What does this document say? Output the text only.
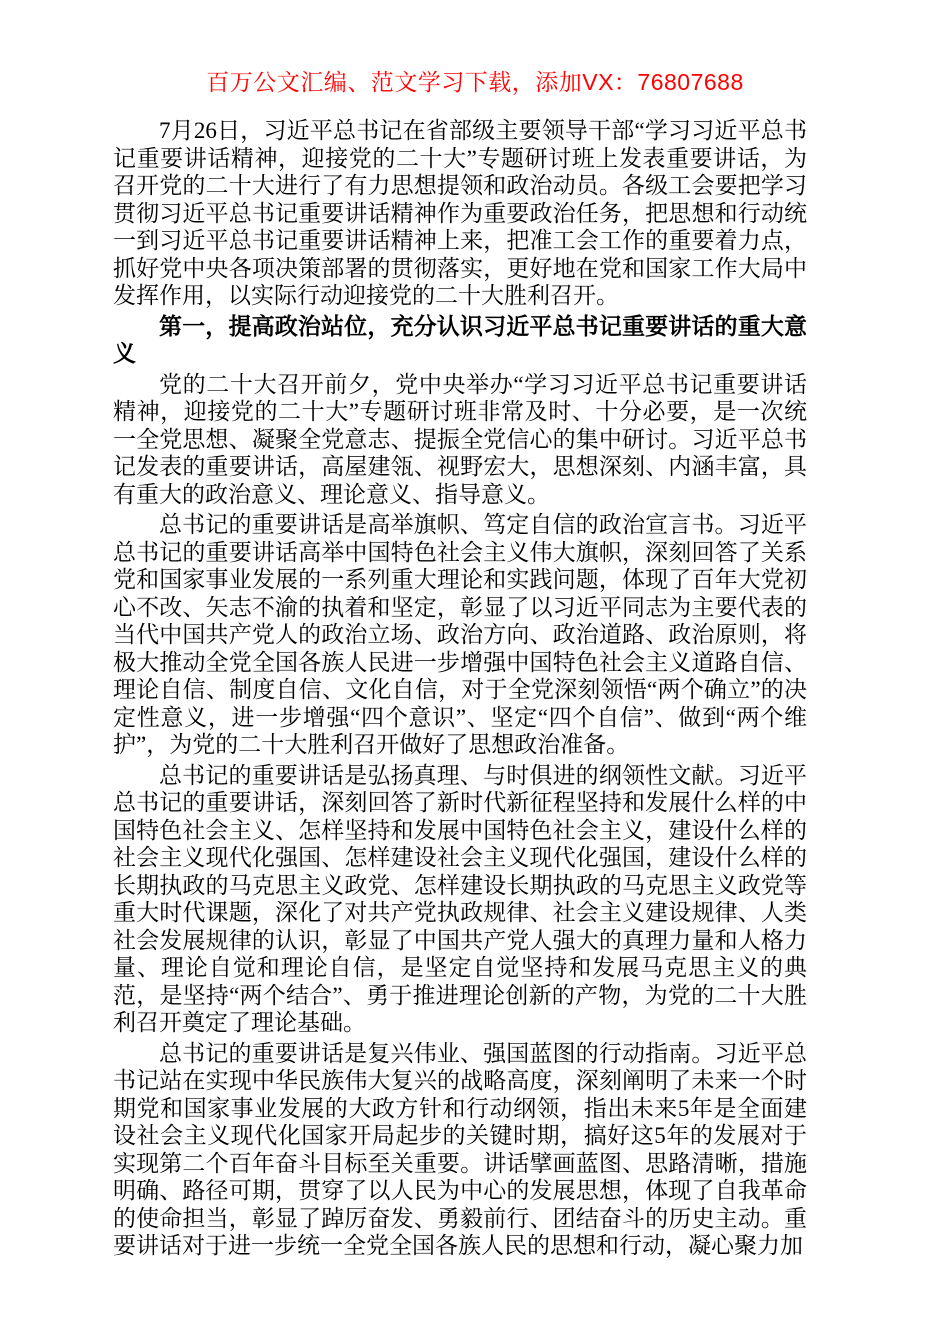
百万公文汇编、范文学习下载，添加VX：76807688

7月26日，习近平总书记在省部级主要领导干部“学习习近平总书记重要讲话精神，迎接党的二十大”专题研讨班上发表重要讲话，为召开党的二十大进行了有力思想提领和政治动员。各级工会要把学习贯彻习近平总书记重要讲话精神作为重要政治任务，把思想和行动统一到习近平总书记重要讲话精神上来，把准工会工作的重要着力点，抓好党中央各项决策部署的贯彻落实，更好地在党和国家工作大局中发挥作用，以实际行动迎接党的二十大胜利召开。

第一，提高政治站位，充分认识习近平总书记重要讲话的重大意义

党的二十大召开前夕，党中央举办“学习习近平总书记重要讲话精神，迎接党的二十大”专题研讨班非常及时、十分必要，是一次统一全党思想、凝聚全党意志、提振全党信心的集中研讨。习近平总书记发表的重要讲话，高屋建瓴、视野宏大，思想深刻、内涵丰富，具有重大的政治意义、理论意义、指导意义。

总书记的重要讲话是高举旗帜、笃定自信的政治宣言书。习近平总书记的重要讲话高举中国特色社会主义伟大旗帜，深刻回答了关系党和国家事业发展的一系列重大理论和实践问题，体现了百年大党初心不改、矢志不渝的执着和坚定，彰显了以习近平同志为主要代表的当代中国共产党人的政治立场、政治方向、政治道路、政治原则，将极大推动全党全国各族人民进一步增强中国特色社会主义道路自信、理论自信、制度自信、文化自信，对于全党深刻领悟“两个确立”的决定性意义，进一步增强“四个意识”、坚定“四个自信”、做到“两个维护”，为党的二十大胜利召开做好了思想政治准备。

总书记的重要讲话是弘扬真理、与时俱进的纲领性文献。习近平总书记的重要讲话，深刻回答了新时代新征程坚持和发展什么样的中国特色社会主义、怎样坚持和发展中国特色社会主义，建设什么样的社会主义现代化强国、怎样建设社会主义现代化强国，建设什么样的长期执政的马克思主义政党、怎样建设长期执政的马克思主义政党等重大时代课题，深化了对共产党执政规律、社会主义建设规律、人类社会发展规律的认识，彰显了中国共产党人强大的真理力量和人格力量、理论自觉和理论自信，是坚定自觉坚持和发展马克思主义的典范，是坚持“两个结合”、勇于推进理论创新的产物，为党的二十大胜利召开奠定了理论基础。

总书记的重要讲话是复兴伟业、强国蓝图的行动指南。习近平总书记站在实现中华民族伟大复兴的战略高度，深刻阐明了未来一个时期党和国家事业发展的大政方针和行动纲领，指出未来5年是全面建设社会主义现代化国家开局起步的关键时期，搞好这5年的发展对于实现第二个百年奋斗目标至关重要。讲话擘画蓝图、思路清晰，措施明确、路径可期，贯穿了以人民为中心的发展思想，体现了自我革命的使命担当，彰显了踔厉奋发、勇毅前行、团结奋斗的历史主动。重要讲话对于进一步统一全党全国各族人民的思想和行动，凝心聚力加
